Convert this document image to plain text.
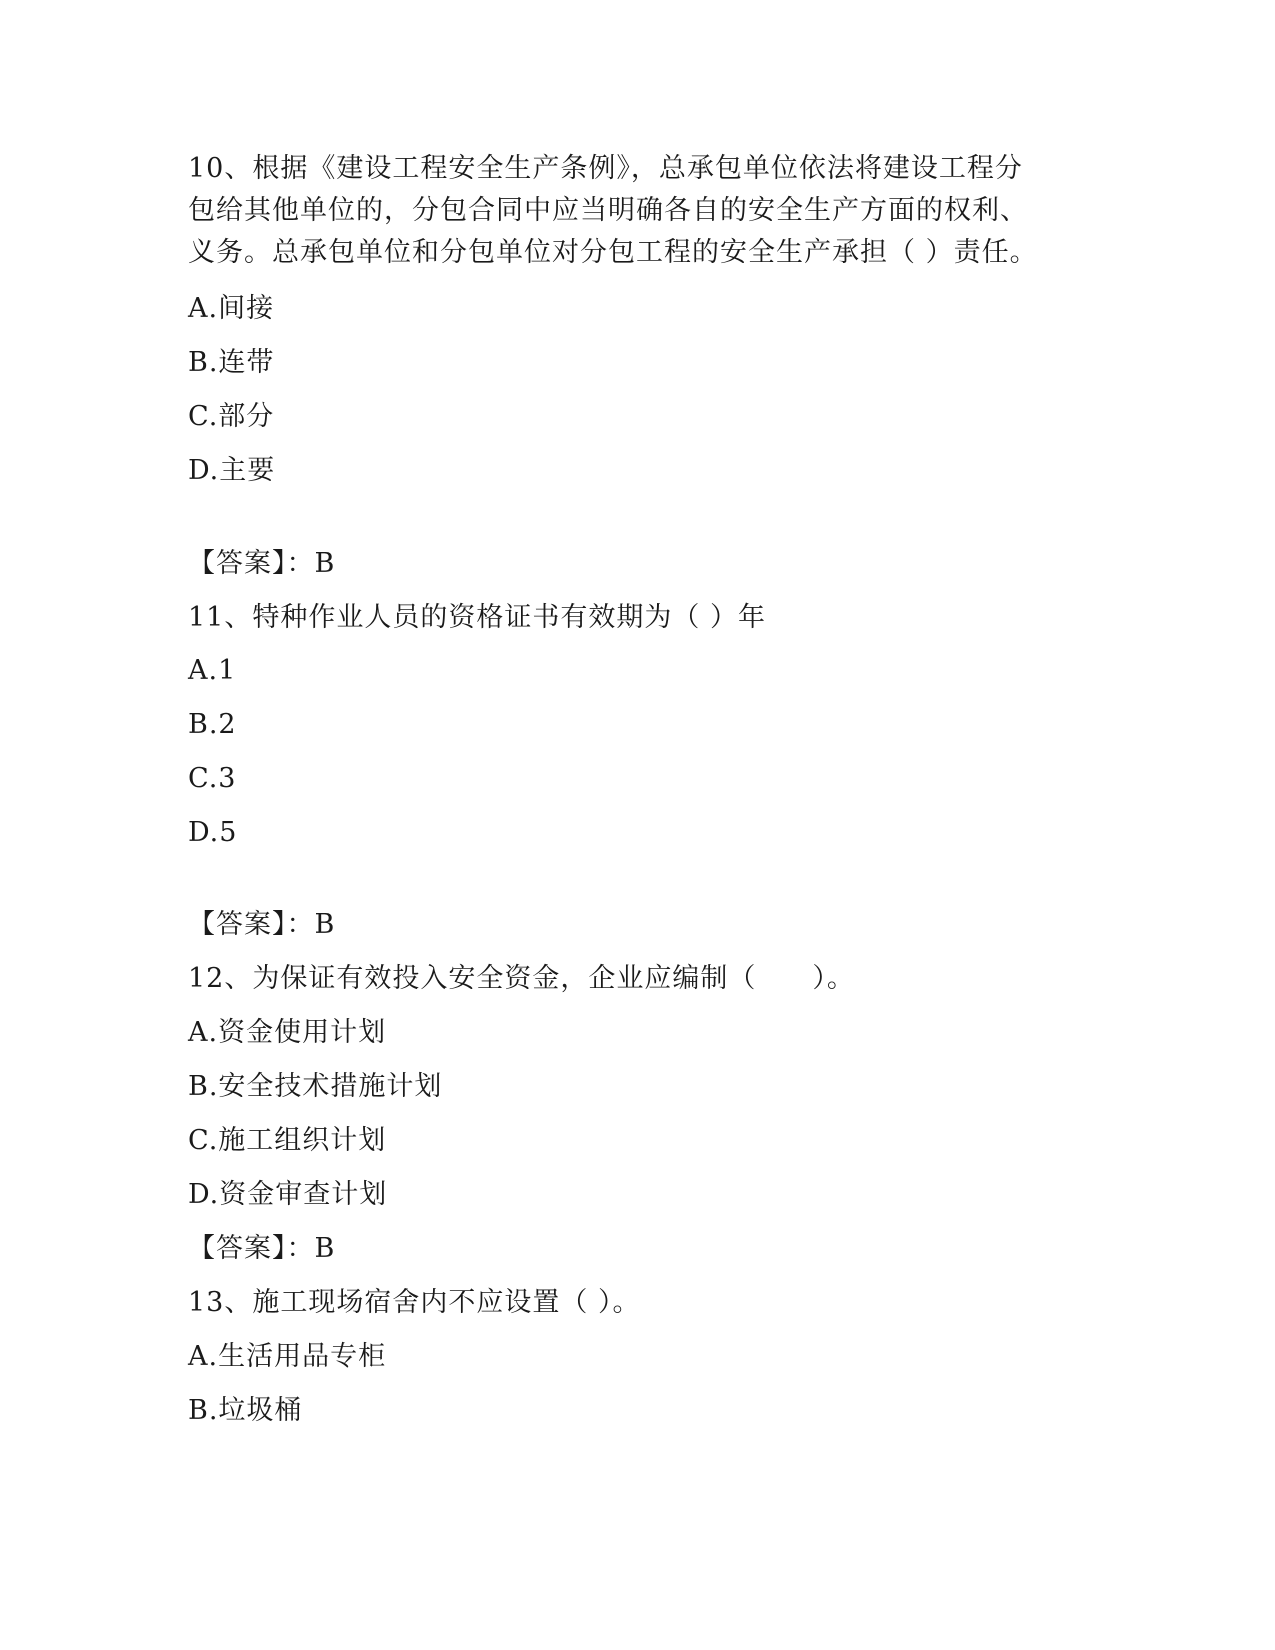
10、根据《建设工程安全生产条例》，总承包单位依法将建设工程分
包给其他单位的，分包合同中应当明确各自的安全生产方面的权利、
义务。总承包单位和分包单位对分包工程的安全生产承担（ ）责任。
A.间接
B.连带
C.部分
D.主要
【答案】：B
11、特种作业人员的资格证书有效期为（ ）年
A.1
B.2
C.3
D.5
【答案】：B
12、为保证有效投入安全资金，企业应编制（　　）。
A.资金使用计划
B.安全技术措施计划
C.施工组织计划
D.资金审查计划
【答案】：B
13、施工现场宿舍内不应设置（ ）。
A.生活用品专柜
B.垃圾桶
